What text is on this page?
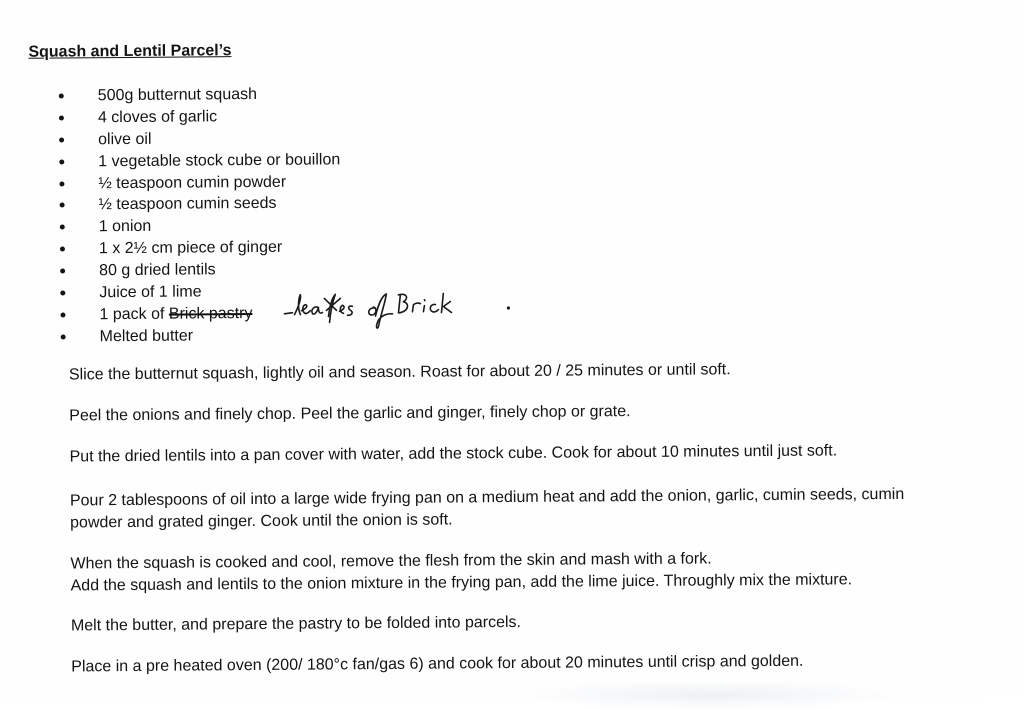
Squash and Lentil Parcel’s
500g butternut squash
4 cloves of garlic
olive oil
1 vegetable stock cube or bouillon
½ teaspoon cumin powder
½ teaspoon cumin seeds
1 onion
1 x 2½ cm piece of ginger
80 g dried lentils
Juice of 1 lime
1 pack of Brick pastry
Melted butter

Slice the butternut squash, lightly oil and season. Roast for about 20 / 25 minutes or until soft.

Peel the onions and finely chop. Peel the garlic and ginger, finely chop or grate.

Put the dried lentils into a pan cover with water, add the stock cube. Cook for about 10 minutes until just soft.

Pour 2 tablespoons of oil into a large wide frying pan on a medium heat and add the onion, garlic, cumin seeds, cumin

powder and grated ginger. Cook until the onion is soft.

When the squash is cooked and cool, remove the flesh from the skin and mash with a fork.

Add the squash and lentils to the onion mixture in the frying pan, add the lime juice. Throughly mix the mixture.

Melt the butter, and prepare the pastry to be folded into parcels.

Place in a pre heated oven (200/ 180°c fan/gas 6) and cook for about 20 minutes until crisp and golden.
